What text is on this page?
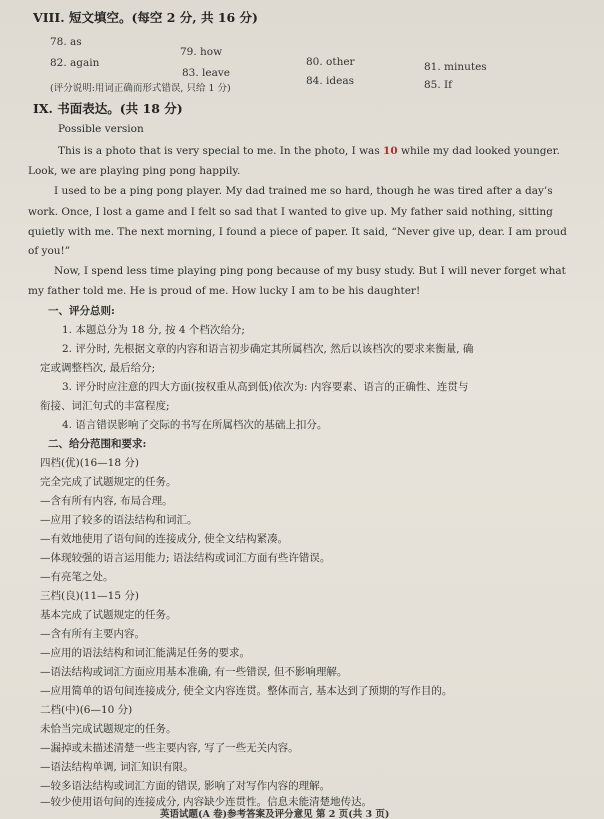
VIII. 短文填空。(每空 2 分, 共 16 分)
78. as
79. how
80. other	81. minutes
82. again
83. leave
84. ideas	85. If
(评分说明:用词正确而形式错误, 只给 1 分)
IX. 书面表达。(共 18 分)
Possible version
This is a photo that is very special to me. In the photo, I was 10 while my dad looked younger.
Look, we are playing ping pong happily.
I used to be a ping pong player. My dad trained me so hard, though he was tired after a day’s
work. Once, I lost a game and I felt so sad that I wanted to give up. My father said nothing, sitting
quietly with me. The next morning, I found a piece of paper. It said, “Never give up, dear. I am proud
of you!”
Now, I spend less time playing ping pong because of my busy study. But I will never forget what
my father told me. He is proud of me. How lucky I am to be his daughter!
一、评分总则:
1. 本题总分为 18 分, 按 4 个档次给分;
2. 评分时, 先根据文章的内容和语言初步确定其所属档次, 然后以该档次的要求来衡量, 确
定或调整档次, 最后给分;
3. 评分时应注意的四大方面(按权重从高到低)依次为: 内容要素、语言的正确性、连贯与
衔接、词汇句式的丰富程度;
4. 语言错误影响了交际的书写在所属档次的基础上扣分。
二、给分范围和要求:
四档(优)(16—18 分)
完全完成了试题规定的任务。
—含有所有内容, 布局合理。
—应用了较多的语法结构和词汇。
—有效地使用了语句间的连接成分, 使全文结构紧凑。
—体现较强的语言运用能力; 语法结构或词汇方面有些许错误。
—有亮笔之处。
三档(良)(11—15 分)
基本完成了试题规定的任务。
—含有所有主要内容。
—应用的语法结构和词汇能满足任务的要求。
—语法结构或词汇方面应用基本准确, 有一些错误, 但不影响理解。
—应用简单的语句间连接成分, 使全文内容连贯。整体而言, 基本达到了预期的写作目的。
二档(中)(6—10 分)
未恰当完成试题规定的任务。
—漏掉或未描述清楚一些主要内容, 写了一些无关内容。
—语法结构单调, 词汇知识有限。
—较多语法结构或词汇方面的错误, 影响了对写作内容的理解。
—较少使用语句间的连接成分, 内容缺少连贯性。信息未能清楚地传达。
英语试题(A 卷)参考答案及评分意见 第 2 页(共 3 页)
